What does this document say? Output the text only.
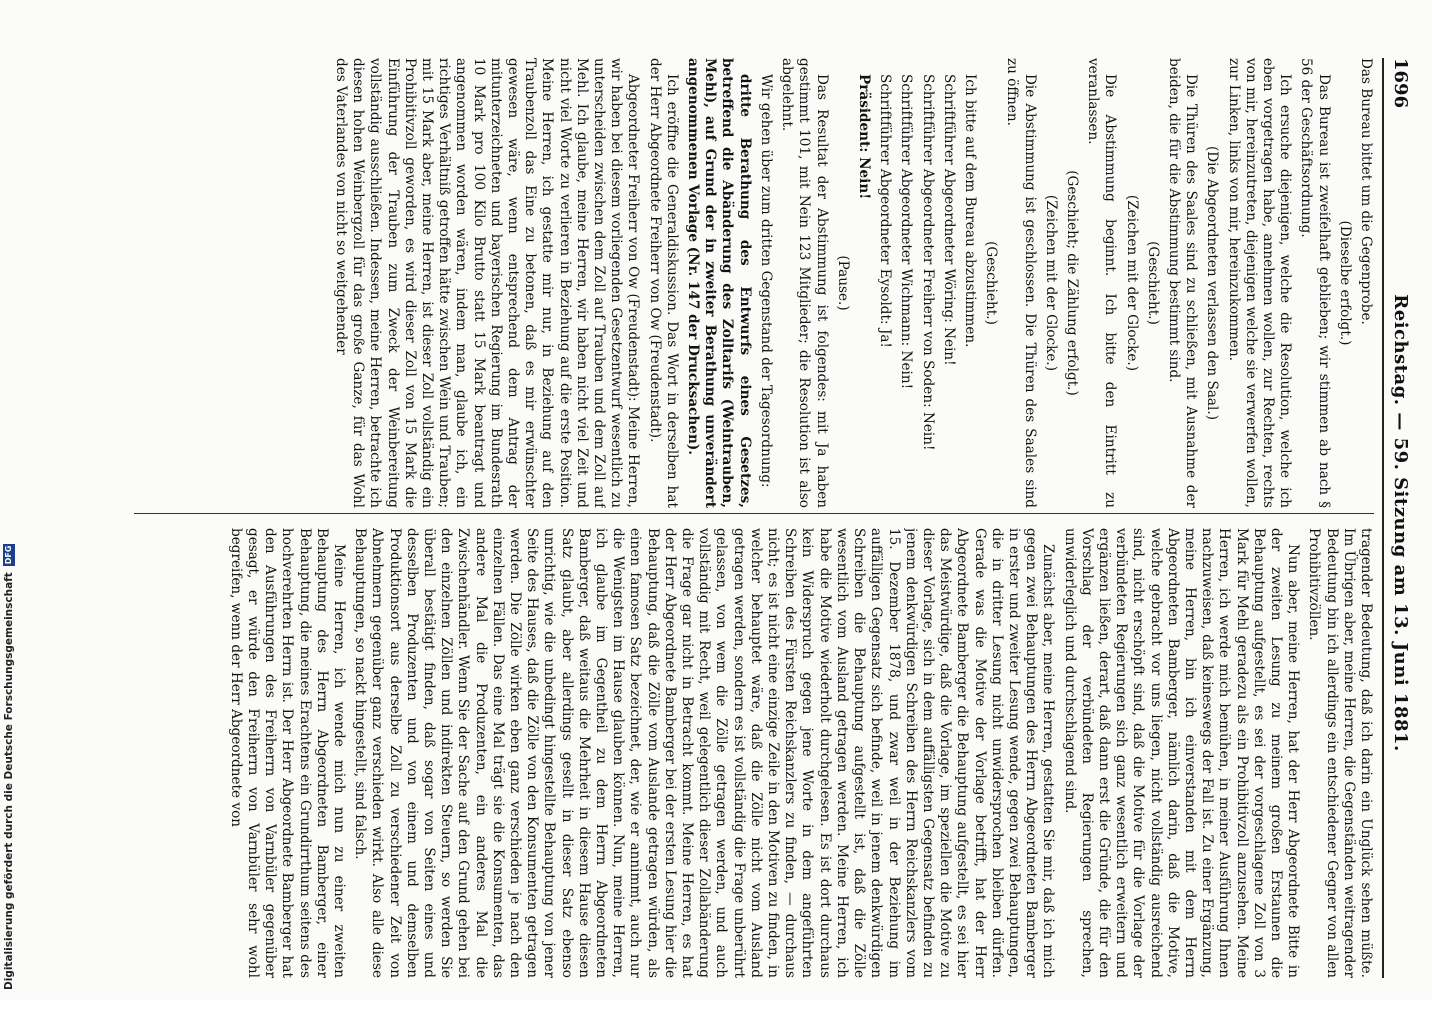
1696
Reichstag. — 59. Sitzung am 13. Juni 1881.

Das Bureau bittet um die Gegenprobe.

(Dieselbe erfolgt.)

Das Bureau ist zweifelhaft geblieben; wir stimmen ab nach § 56 der Geschäftsordnung.

Ich ersuche diejenigen, welche die Resolution, welche ich eben vorgetragen habe, annehmen wollen, zur Rechten, rechts von mir, hereinzutreten, diejenigen welche sie verwerfen wollen, zur Linken, links von mir, hereinzukommen.

(Die Abgeordneten verlassen den Saal.)

Die Thüren des Saales sind zu schließen, mit Ausnahme der beiden, die für die Abstimmung bestimmt sind.

(Geschieht.)

(Zeichen mit der Glocke.)

Die Abstimmung beginnt. Ich bitte den Eintritt zu veranlassen.

(Geschieht; die Zählung erfolgt.)

(Zeichen mit der Glocke.)

Die Abstimmung ist geschlossen. Die Thüren des Saales sind zu öffnen.

(Geschieht.)

Ich bitte auf dem Bureau abzustimmen.

Schriftführer Abgeordneter Wöring: Nein!

Schriftführer Abgeordneter Freiherr von Soden: Nein!

Schriftführer Abgeordneter Wichmann: Nein!

Schriftführer Abgeordneter Eysoldt: Ja!

Präsident: Nein!

(Pause.)

Das Resultat der Abstimmung ist folgendes: mit Ja haben gestimmt 101, mit Nein 123 Mitglieder; die Resolution ist also abgelehnt.

Wir gehen über zum dritten Gegenstand der Tagesordnung:

dritte Berathung des Entwurfs eines Gesetzes, betreffend die Abänderung des Zolltarifs (Weintrauben, Mehl), auf Grund der in zweiter Berathung unverändert angenommenen Vorlage (Nr. 147 der Drucksachen).

Ich eröffne die Generaldiskussion. Das Wort in derselben hat der Herr Abgeordnete Freiherr von Ow (Freudenstadt).

Abgeordneter Freiherr von Ow (Freudenstadt): Meine Herren, wir haben bei diesem vorliegenden Gesetzentwurf wesentlich zu unterscheiden zwischen dem Zoll auf Trauben und dem Zoll auf Mehl. Ich glaube, meine Herren, wir haben nicht viel Zeit und nicht viel Worte zu verlieren in Beziehung auf die erste Position. Meine Herren, ich gestatte mir nur, in Beziehung auf den Traubenzoll das Eine zu betonen, daß es mir erwünschter gewesen wäre, wenn entsprechend dem Antrag der mitunterzeichneten und bayerischen Regierung im Bundesrath 10 Mark pro 100 Kilo Brutto statt 15 Mark beantragt und angenommen worden wären, indem man, glaube ich, ein richtiges Verhältniß getroffen hätte zwischen Wein und Trauben; mit 15 Mark aber, meine Herren, ist dieser Zoll vollständig ein Prohibitivzoll geworden, es wird dieser Zoll von 15 Mark die Einführung der Trauben zum Zweck der Weinbereitung vollständig ausschließen. Indessen, meine Herren, betrachte ich diesen hohen Weinbergzoll für das große Ganze, für das Wohl des Vaterlandes von nicht so weitgehender

tragender Bedeutung, daß ich darin ein Unglück sehen müßte. Im Übrigen aber, meine Herren, die Gegenständen weitragender Bedeutung bin ich allerdings ein entschiedener Gegner von allen Prohibitivzöllen.

Nun aber, meine Herren, hat der Herr Abgeordnete Bitte in der zweiten Lesung zu meinem großen Erstaunen die Behauptung aufgestellt, es sei der vorgeschlagene Zoll von 3 Mark für Mehl geradezu als ein Prohibitivzoll anzusehen. Meine Herren, ich werde mich bemühen, in meiner Ausführung Ihnen nachzuweisen, daß keineswegs der Fall ist. Zu einer Ergänzung, meine Herren, bin ich einverstanden mit dem Herrn Abgeordneten Bamberger, nämlich darin, daß die Motive, welche gebracht vor uns liegen, nicht vollständig ausreichend sind, nicht erschöpft sind, daß die Motive für die Vorlage der verbündeten Regierungen sich ganz wesentlich erweitern und ergänzen ließen, derart, daß dann erst die Gründe, die für den Vorschlag der verbündeten Regierungen sprechen, unwiderleglich und durchschlagend sind.

Zunächst aber, meine Herren, gestatten Sie mir, daß ich mich gegen zwei Behauptungen des Herrn Abgeordneten Bamberger in erster und zweiter Lesung wende, gegen zwei Behauptungen, die in dritter Lesung nicht unwidersprochen bleiben dürfen. Gerade was die Motive der Vorlage betrifft, hat der Herr Abgeordnete Bamberger die Behauptung aufgestellt, es sei hier das Meistwürdige, daß die Vorlage, im speziellen die Motive zu dieser Vorlage, sich in dem auffälligsten Gegensatz befinden zu jenem denkwürdigen Schreiben des Herrn Reichskanzlers vom 15. Dezember 1878, und zwar weil in der Beziehung im auffälligen Gegensatz sich befinde, weil in jenem denkwürdigen Schreiben die Behauptung aufgestellt ist, daß die Zölle wesentlich vom Ausland getragen werden. Meine Herren, ich habe die Motive wiederholt durchgelesen. Es ist dort durchaus kein Widerspruch gegen jene Worte in dem angeführten Schreiben des Fürsten Reichskanzlers zu finden, — durchaus nicht; es ist nicht eine einzige Zeile in den Motiven zu finden, in welcher behauptet wäre, daß die Zölle nicht vom Ausland getragen werden, sondern es ist vollständig die Frage unberührt gelassen, von wem die Zölle getragen werden, und auch vollständig mit Recht, weil gelegentlich dieser Zollabänderung die Frage gar nicht in Betracht kommt. Meine Herren, es hat der Herr Abgeordnete Bamberger bei der ersten Lesung hier die Behauptung, daß die Zölle vom Auslande getragen würden, als einen famosen Satz bezeichnet, der, wie er annimmt, auch nur die Wenigsten im Hause glauben können. Nun, meine Herren, ich glaube im Gegentheil zu dem Herrn Abgeordneten Bamberger, daß weitaus die Mehrheit in diesem Hause diesen Satz glaubt, aber allerdings gesellt in dieser Satz ebenso unrichtig, wie die unbedingt hingestellte Behauptung von jener Seite des Hauses, daß die Zölle von den Konsumenten getragen werden. Die Zölle wirken eben ganz verschieden je nach den einzelnen Fällen. Das eine Mal trägt sie die Konsumenten, das andere Mal die Produzenten, ein anderes Mal die Zwischenhändler. Wenn Sie der Sache auf den Grund gehen bei den einzelnen Zöllen und indirekten Steuern, so werden Sie überall bestätigt finden, daß sogar von Seiten eines und desselben Produzenten und von einem und demselben Produktionsort aus derselbe Zoll zu verschiedener Zeit von Abnehmern gegenüber ganz verschieden wirkt. Also alle diese Behauptungen, so nackt hingestellt, sind falsch.

Meine Herren, ich wende mich nun zu einer zweiten Behauptung des Herrn Abgeordneten Bamberger, einer Behauptung, die meines Erachtens ein Grundirrthum seitens des hochverehrten Herrn ist. Der Herr Abgeordnete Bamberger hat den Ausführungen des Freiherrn von Varnbüler gegenüber gesagt, er würde den Freiherrn von Varnbüler sehr wohl begreifen, wenn der Herr Abgeordnete von

Digitalisierung gefördert durch die Deutsche Forschungsgemeinschaft
DFG
